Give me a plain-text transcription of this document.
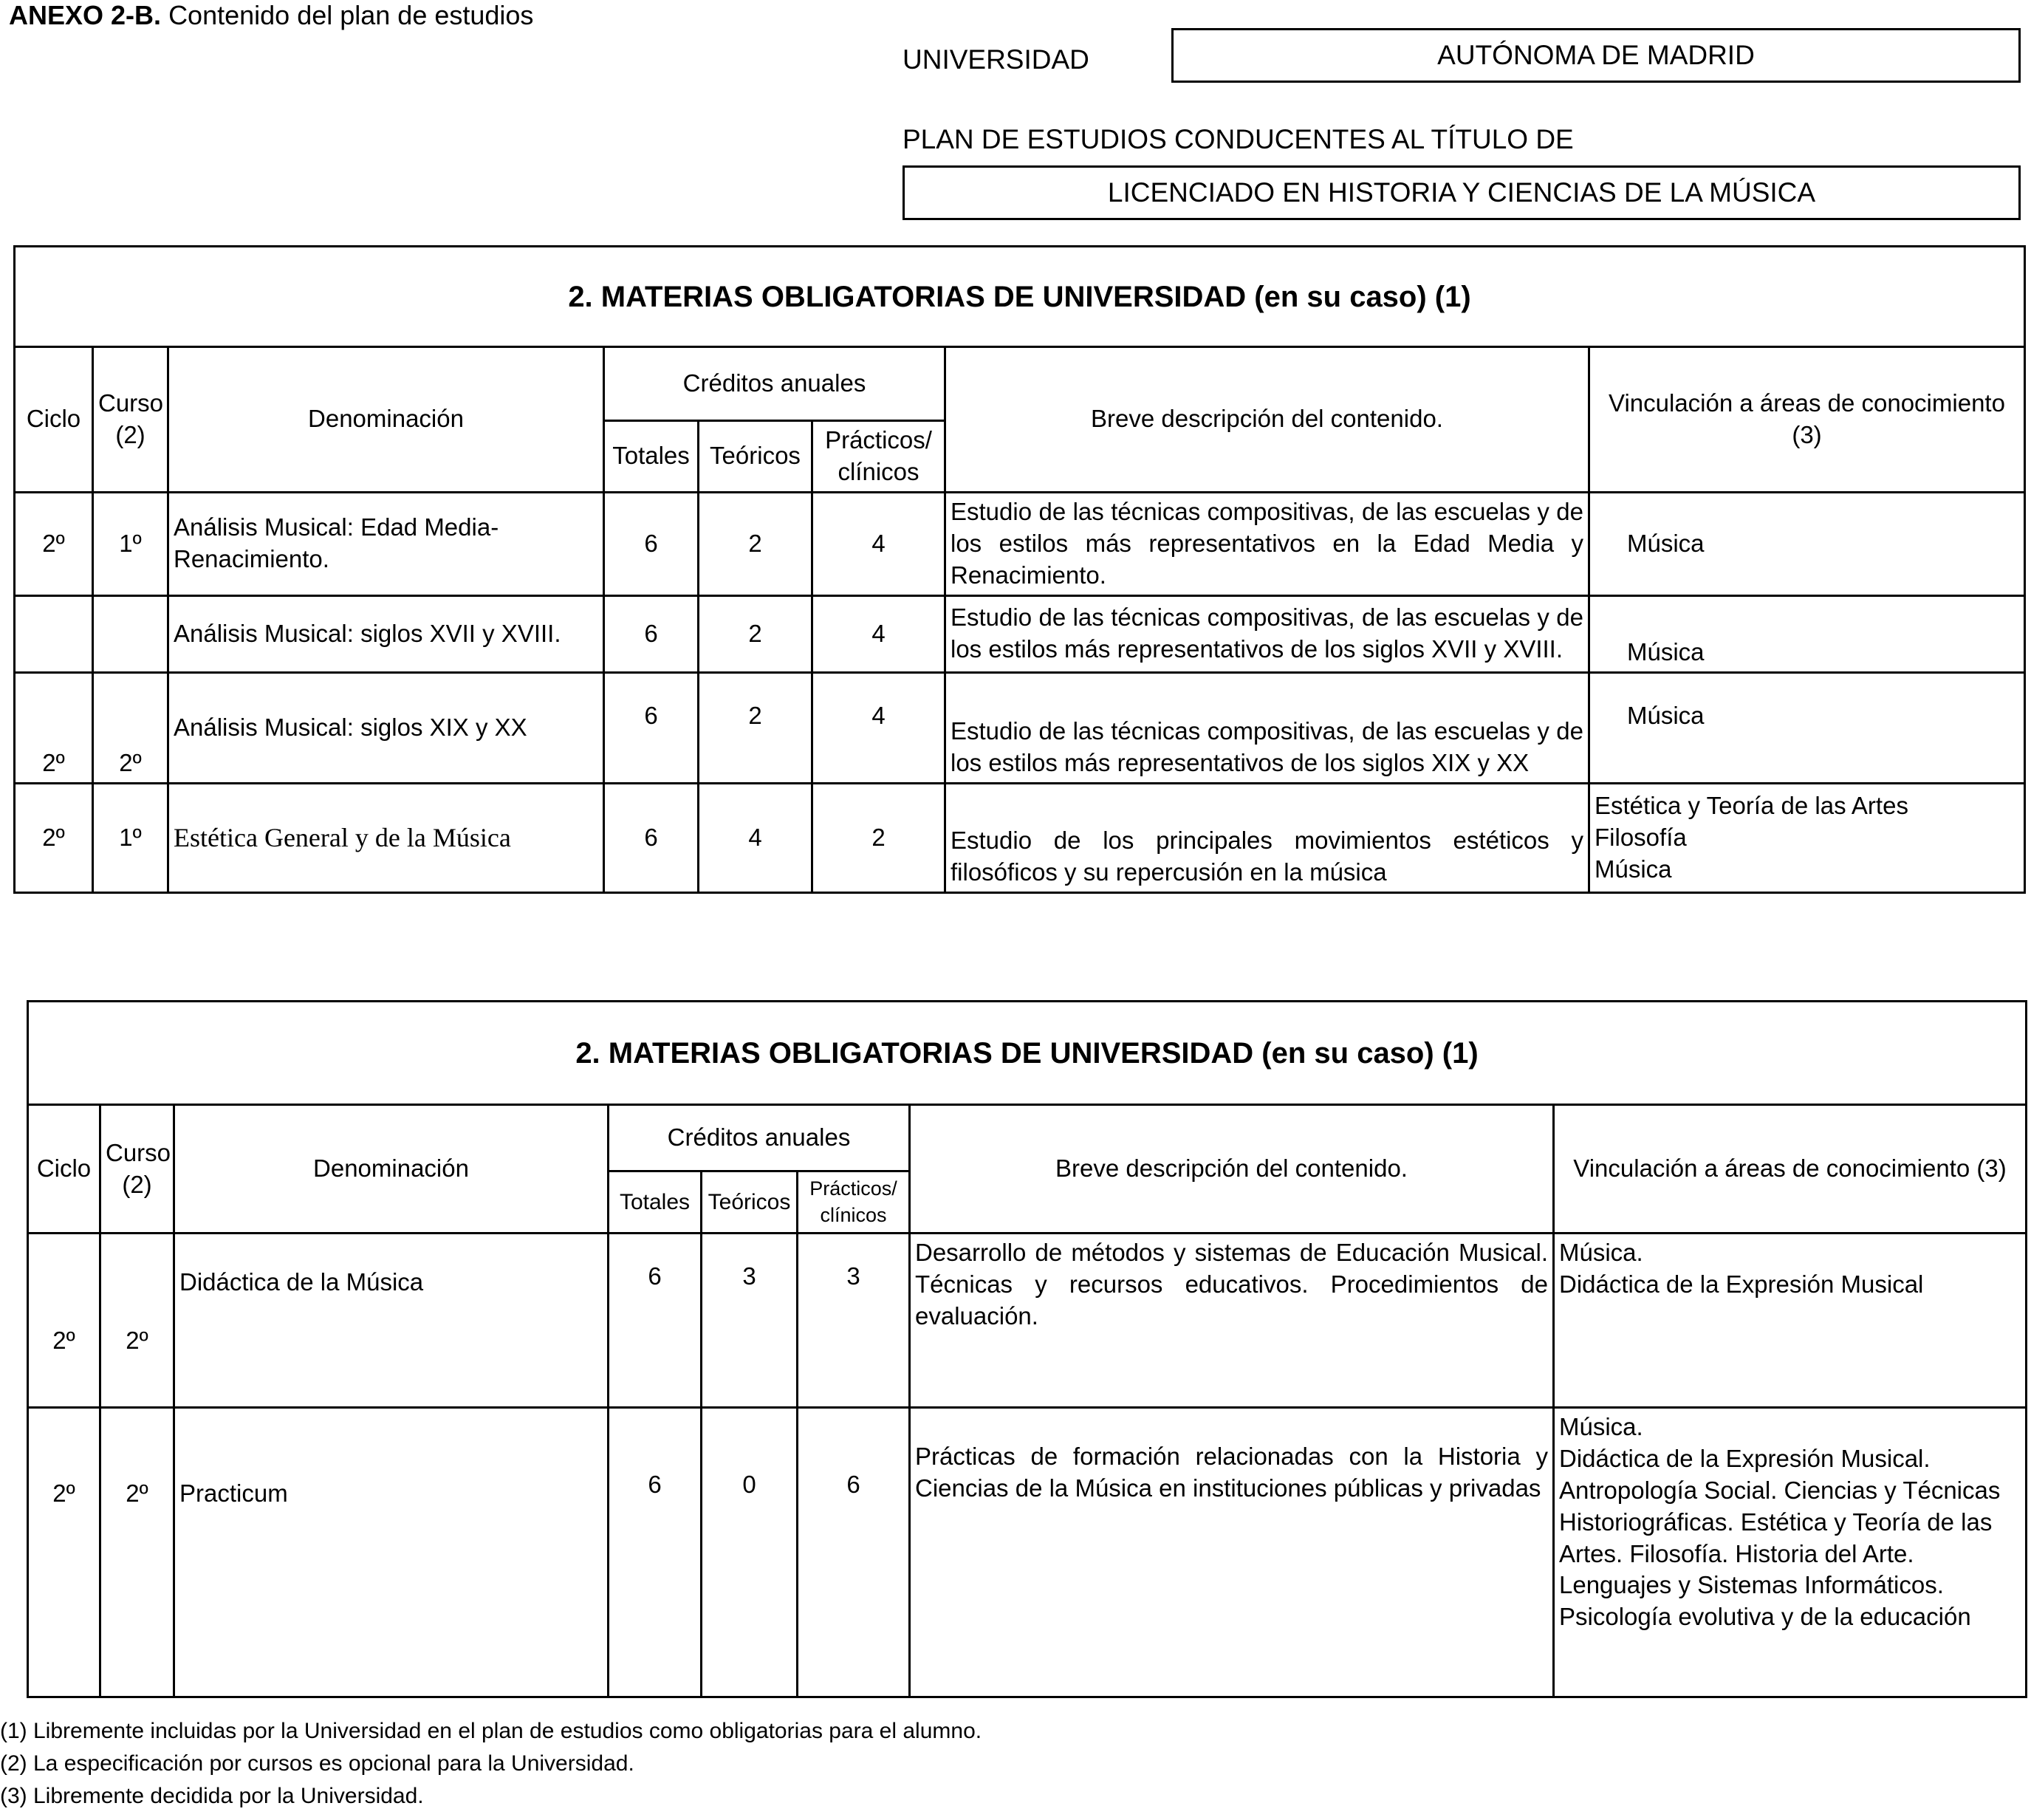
ANEXO 2-B. Contenido del plan de estudios
UNIVERSIDAD	AUTÓNOMA DE MADRID
PLAN DE ESTUDIOS CONDUCENTES AL TÍTULO DE
LICENCIADO EN HISTORIA Y CIENCIAS DE LA MÚSICA
2. MATERIAS OBLIGATORIAS DE UNIVERSIDAD (en su caso) (1)							
Ciclo	Curso (2)	Denominación	Créditos anuales			Breve descripción del contenido.	Vinculación a áreas de conocimiento (3)
			Totales	Teóricos	Prácticos/ clínicos		
2º	1º	Análisis Musical: Edad Media-Renacimiento.	6	2	4	Estudio de las técnicas compositivas, de las escuelas y de los estilos más representativos en la Edad Media y Renacimiento.	Música
		Análisis Musical: siglos XVII y XVIII.	6	2	4	Estudio de las técnicas compositivas, de las escuelas y de los estilos más representativos de los siglos XVII y XVIII.	Música
2º	2º	Análisis Musical: siglos XIX y XX	6	2	4	Estudio de las técnicas compositivas, de las escuelas y de los estilos más representativos de los siglos XIX y XX	Música
2º	1º	Estética General y de la Música	6	4	2	Estudio de los principales movimientos estéticos y filosóficos y su repercusión en la música	Estética y Teoría de las Artes
Filosofía
Música
2. MATERIAS OBLIGATORIAS DE UNIVERSIDAD (en su caso) (1)							
Ciclo	Curso (2)	Denominación	Créditos anuales			Breve descripción del contenido.	Vinculación a áreas de conocimiento (3)
			Totales	Teóricos	Prácticos/ clínicos		
2º	2º	Didáctica de la Música	6	3	3	Desarrollo de métodos y sistemas de Educación Musical. Técnicas y recursos educativos. Procedimientos de evaluación.	Música.
Didáctica de la Expresión Musical

2º	2º	Practicum	6	0	6	Prácticas de formación relacionadas con la Historia y Ciencias de la Música en instituciones públicas y privadas	Música.
Didáctica de la Expresión Musical.
Antropología Social. Ciencias y Técnicas Historiográficas. Estética y Teoría de las Artes. Filosofía. Historia del Arte.
Lenguajes y Sistemas Informáticos.
Psicología evolutiva y de la educación
(1) Libremente incluidas por la Universidad en el plan de estudios como obligatorias para el alumno.
(2) La especificación por cursos es opcional para la Universidad.
(3) Libremente decidida por la Universidad.
